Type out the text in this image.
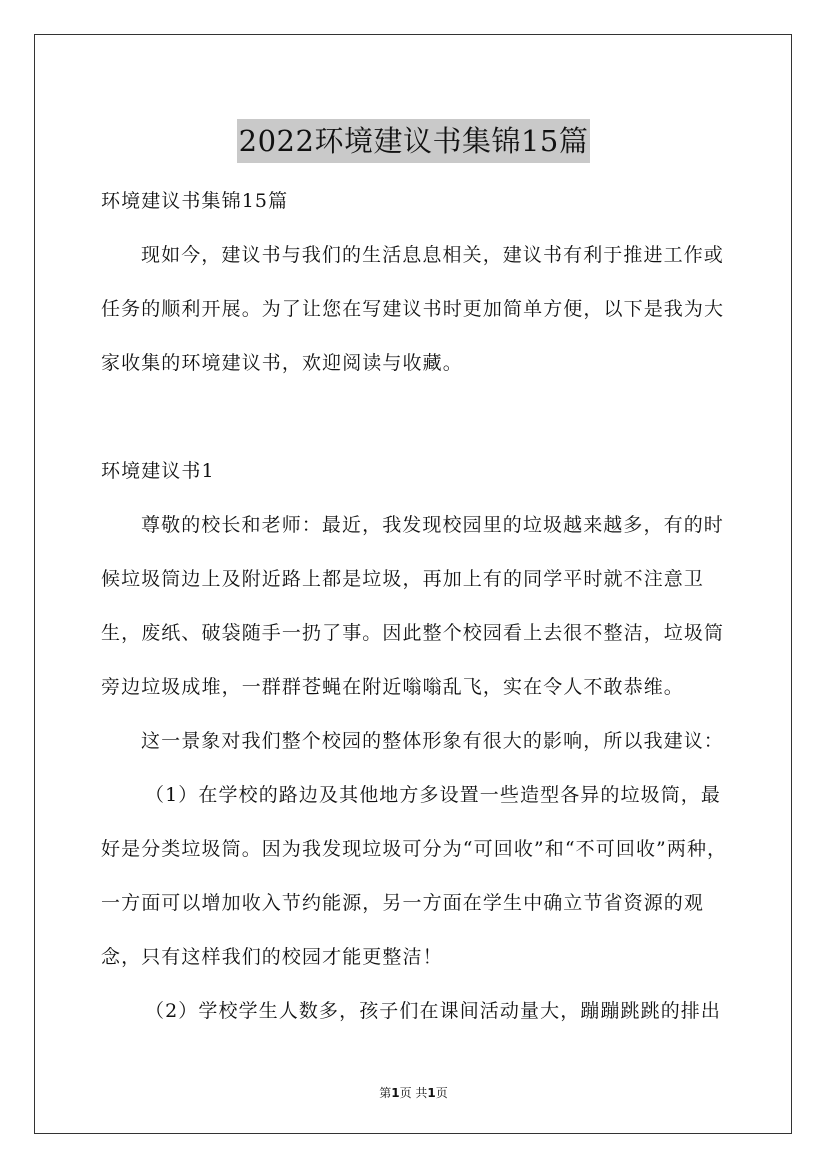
2022环境建议书集锦15篇

环境建议书集锦15篇

现如今，建议书与我们的生活息息相关，建议书有利于推进工作或任务的顺利开展。为了让您在写建议书时更加简单方便，以下是我为大家收集的环境建议书，欢迎阅读与收藏。

环境建议书1

尊敬的校长和老师：最近，我发现校园里的垃圾越来越多，有的时候垃圾筒边上及附近路上都是垃圾，再加上有的同学平时就不注意卫生，废纸、破袋随手一扔了事。因此整个校园看上去很不整洁，垃圾筒旁边垃圾成堆，一群群苍蝇在附近嗡嗡乱飞，实在令人不敢恭维。

这一景象对我们整个校园的整体形象有很大的影响，所以我建议：

（1）在学校的路边及其他地方多设置一些造型各异的垃圾筒，最好是分类垃圾筒。因为我发现垃圾可分为“可回收”和“不可回收”两种，一方面可以增加收入节约能源，另一方面在学生中确立节省资源的观念，只有这样我们的校园才能更整洁！

（2）学校学生人数多，孩子们在课间活动量大，蹦蹦跳跳的排出

第1页 共1页
